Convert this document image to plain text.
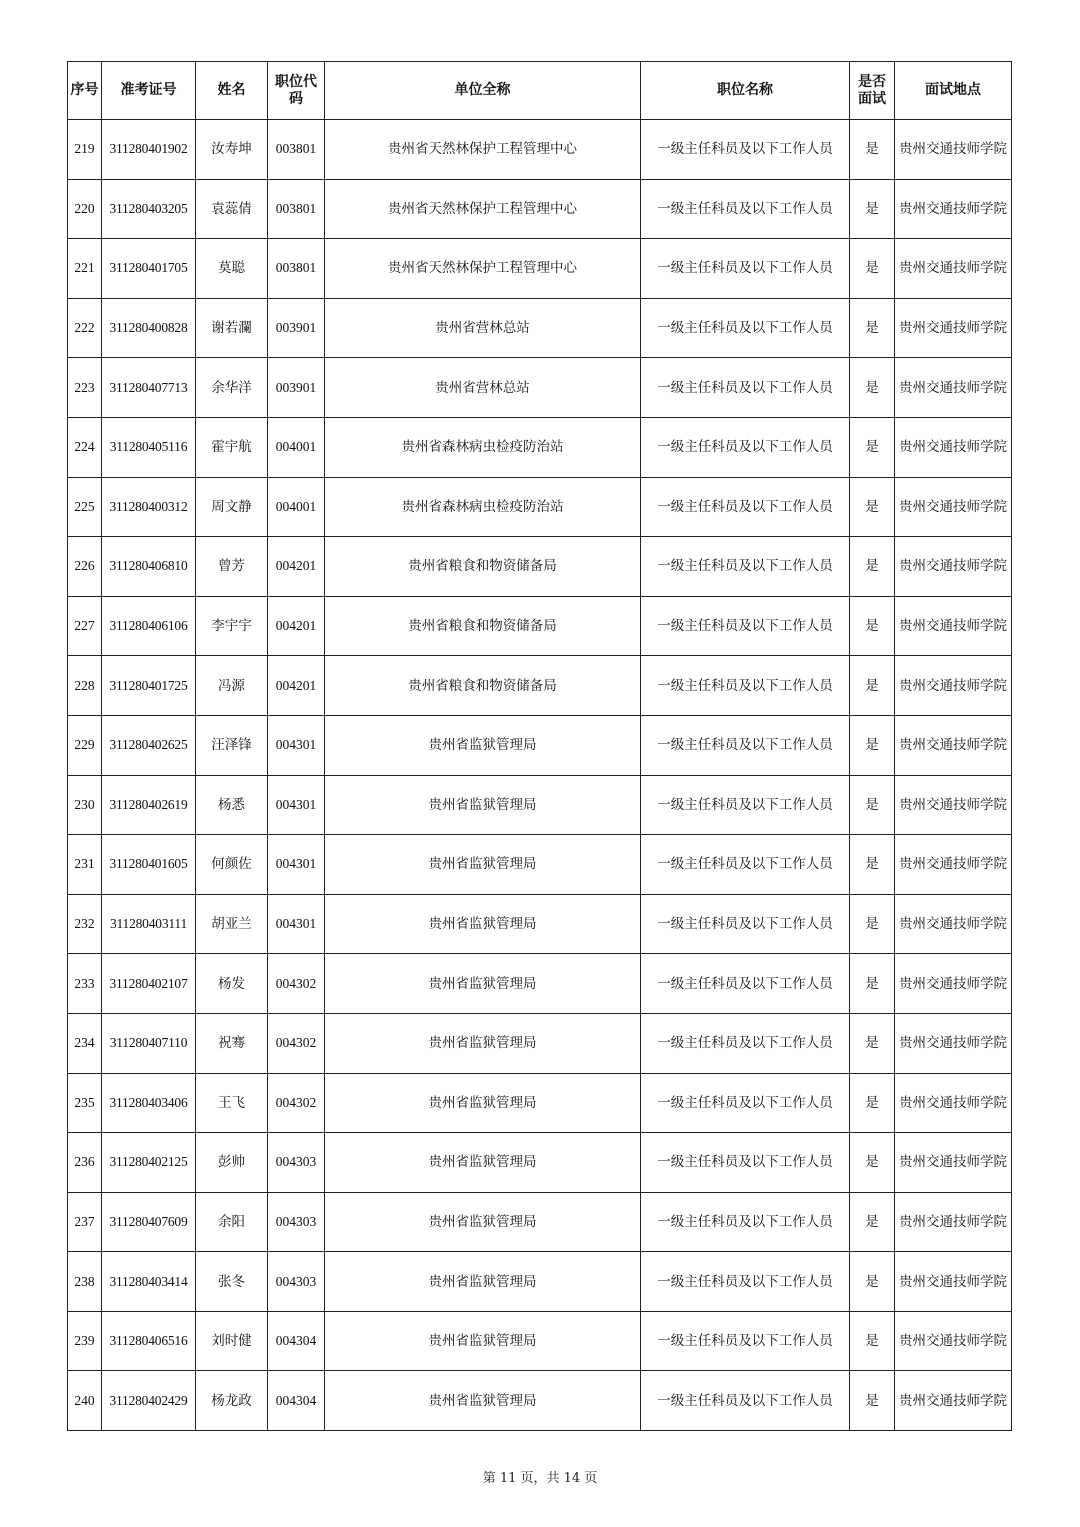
序号	准考证号	姓名	职位代码	单位全称	职位名称	是否面试	面试地点
219	311280401902	汝寿坤	003801	贵州省天然林保护工程管理中心	一级主任科员及以下工作人员	是	贵州交通技师学院
220	311280403205	袁蕊倩	003801	贵州省天然林保护工程管理中心	一级主任科员及以下工作人员	是	贵州交通技师学院
221	311280401705	莫聪	003801	贵州省天然林保护工程管理中心	一级主任科员及以下工作人员	是	贵州交通技师学院
222	311280400828	谢若瀾	003901	贵州省营林总站	一级主任科员及以下工作人员	是	贵州交通技师学院
223	311280407713	余华洋	003901	贵州省营林总站	一级主任科员及以下工作人员	是	贵州交通技师学院
224	311280405116	霍宇航	004001	贵州省森林病虫检疫防治站	一级主任科员及以下工作人员	是	贵州交通技师学院
225	311280400312	周文静	004001	贵州省森林病虫检疫防治站	一级主任科员及以下工作人员	是	贵州交通技师学院
226	311280406810	曾芳	004201	贵州省粮食和物资储备局	一级主任科员及以下工作人员	是	贵州交通技师学院
227	311280406106	李宇宇	004201	贵州省粮食和物资储备局	一级主任科员及以下工作人员	是	贵州交通技师学院
228	311280401725	冯源	004201	贵州省粮食和物资储备局	一级主任科员及以下工作人员	是	贵州交通技师学院
229	311280402625	汪泽锋	004301	贵州省监狱管理局	一级主任科员及以下工作人员	是	贵州交通技师学院
230	311280402619	杨悉	004301	贵州省监狱管理局	一级主任科员及以下工作人员	是	贵州交通技师学院
231	311280401605	何颜佐	004301	贵州省监狱管理局	一级主任科员及以下工作人员	是	贵州交通技师学院
232	311280403111	胡亚兰	004301	贵州省监狱管理局	一级主任科员及以下工作人员	是	贵州交通技师学院
233	311280402107	杨发	004302	贵州省监狱管理局	一级主任科员及以下工作人员	是	贵州交通技师学院
234	311280407110	祝骞	004302	贵州省监狱管理局	一级主任科员及以下工作人员	是	贵州交通技师学院
235	311280403406	王飞	004302	贵州省监狱管理局	一级主任科员及以下工作人员	是	贵州交通技师学院
236	311280402125	彭帅	004303	贵州省监狱管理局	一级主任科员及以下工作人员	是	贵州交通技师学院
237	311280407609	余阳	004303	贵州省监狱管理局	一级主任科员及以下工作人员	是	贵州交通技师学院
238	311280403414	张冬	004303	贵州省监狱管理局	一级主任科员及以下工作人员	是	贵州交通技师学院
239	311280406516	刘时健	004304	贵州省监狱管理局	一级主任科员及以下工作人员	是	贵州交通技师学院
240	311280402429	杨龙政	004304	贵州省监狱管理局	一级主任科员及以下工作人员	是	贵州交通技师学院
第 11 页，共 14 页
